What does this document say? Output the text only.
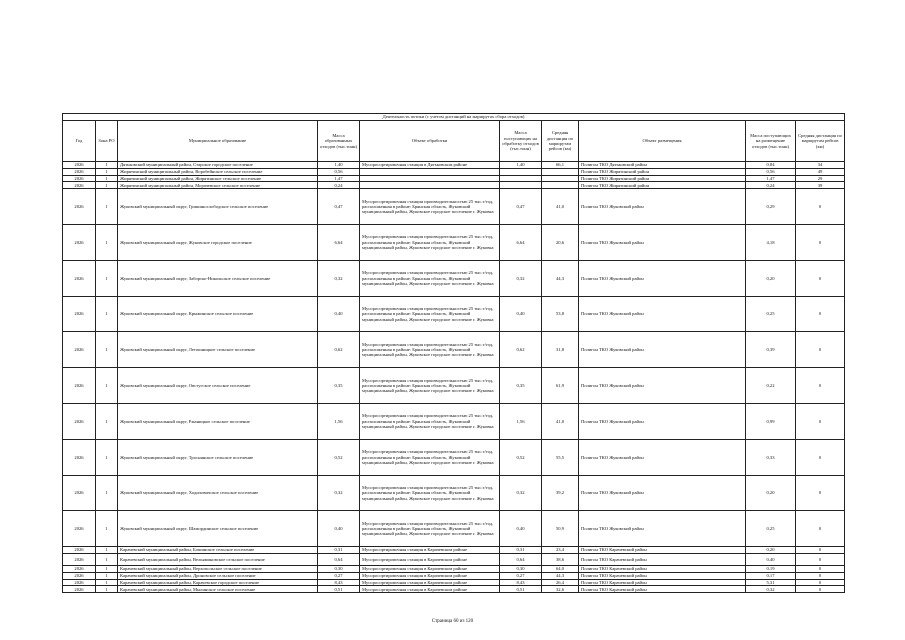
Деятельность потоки (с учетом дистанций на маршрутах сбора отходов)									
Год	Зона РО	Муниципальное образование	Масса образованных отходов (тыс.тонн)	Объект обработки	Масса поступающих на обработку отходов (тыс.тонн)	Средняя дистанция по маршрутам рейсов (км)	Объект размещения	Масса поступающих на размещение отходов (тыс.тонн)	Средняя дистанция по маршрутам рейсов (км)
2026	1	Дятьковский муниципальный район, Старское городское поселение	1,40	Мусоросортировочная станция в Дятьковском районе	1,40	66,1	Полигон ТКО Дятьковский район	0,84	34
2026	1	Жирятинский муниципальный район, Воробейнское сельское поселение	0,56				Полигон ТКО Жирятинский район	0,56	49
2026	1	Жирятинский муниципальный район, Жирятинское сельское поселение	1,47				Полигон ТКО Жирятинский район	1,47	29
2026	1	Жирятинский муниципальный район, Морачевское сельское поселение	0,24				Полигон ТКО Жирятинский район	0,24	39
2026	1	Жуковский муниципальный округ, Гришинослободское сельское поселение	0,47	Мусоросортировочная станция производительностью 25 тыс.т/год, расположенная в районе: Брянская область, Жуковский муниципальный район, Жуковское городское поселение г. Жуковка	0,47	41,0	Полигон ТКО Жуковский район	0,29	0
2026	1	Жуковский муниципальный округ, Жуковское городское поселение	6,64	Мусоросортировочная станция производительностью 25 тыс.т/год, расположенная в районе: Брянская область, Жуковский муниципальный район, Жуковское городское поселение г. Жуковка	6,64	20,6	Полигон ТКО Жуковский район	4,18	0
2026	1	Жуковский муниципальный округ, Заборско-Никольское сельское поселение	0,32	Мусоросортировочная станция производительностью 25 тыс.т/год, расположенная в районе: Брянская область, Жуковский муниципальный район, Жуковское городское поселение г. Жуковка	0,32	44,3	Полигон ТКО Жуковский район	0,20	0
2026	1	Жуковский муниципальный округ, Крыжинское сельское поселение	0,40	Мусоросортировочная станция производительностью 25 тыс.т/год, расположенная в районе: Брянская область, Жуковский муниципальный район, Жуковское городское поселение г. Жуковка	0,40	53,8	Полигон ТКО Жуковский район	0,25	0
2026	1	Жуковский муниципальный округ, Летошницкое сельское поселение	0,62	Мусоросортировочная станция производительностью 25 тыс.т/год, расположенная в районе: Брянская область, Жуковский муниципальный район, Жуковское городское поселение г. Жуковка	0,62	31,8	Полигон ТКО Жуковский район	0,39	0
2026	1	Жуковский муниципальный округ, Овстугское сельское поселение	0,35	Мусоросортировочная станция производительностью 25 тыс.т/год, расположенная в районе: Брянская область, Жуковский муниципальный район, Жуковское городское поселение г. Жуковка	0,35	61,9	Полигон ТКО Жуковский район	0,22	0
2026	1	Жуковский муниципальный округ, Ржаницкое сельское поселение	1,56	Мусоросортировочная станция производительностью 25 тыс.т/год, расположенная в районе: Брянская область, Жуковский муниципальный район, Жуковское городское поселение г. Жуковка	1,56	41,0	Полигон ТКО Жуковский район	0,99	0
2026	1	Жуковский муниципальный округ, Троснянское сельское поселение	0,52	Мусоросортировочная станция производительностью 25 тыс.т/год, расположенная в районе: Брянская область, Жуковский муниципальный район, Жуковское городское поселение г. Жуковка	0,52	55,5	Полигон ТКО Жуковский район	0,33	0
2026	1	Жуковский муниципальный округ, Ходиловичское сельское поселение	0,32	Мусоросортировочная станция производительностью 25 тыс.т/год, расположенная в районе: Брянская область, Жуковский муниципальный район, Жуковское городское поселение г. Жуковка	0,32	39,2	Полигон ТКО Жуковский район	0,20	0
2026	1	Жуковский муниципальный округ, Шамординское сельское поселение	0,40	Мусоросортировочная станция производительностью 25 тыс.т/год, расположенная в районе: Брянская область, Жуковский муниципальный район, Жуковское городское поселение г. Жуковка	0,40	50,9	Полигон ТКО Жуковский район	0,25	0
2026	1	Карачевский муниципальный район, Бошинское сельское поселение	0,31	Мусоросортировочная станция в Карачевском районе	0,31	23,4	Полигон ТКО Карачевский район	0,20	0
2026	1	Карачевский муниципальный район, Вельяминовское сельское поселение	0,64	Мусоросортировочная станция в Карачевском районе	0,64	38,6	Полигон ТКО Карачевский район	0,40	0
2026	1	Карачевский муниципальный район, Верхопольское сельское поселение	0,30	Мусоросортировочная станция в Карачевском районе	0,30	64,0	Полигон ТКО Карачевский район	0,19	0
2026	1	Карачевский муниципальный район, Дроновское сельское поселение	0,27	Мусоросортировочная станция в Карачевском районе	0,27	44,3	Полигон ТКО Карачевский район	0,17	0
2026	1	Карачевский муниципальный район, Карачевское городское поселение	8,43	Мусоросортировочная станция в Карачевском районе	8,43	26,4	Полигон ТКО Карачевский район	5,31	0
2026	1	Карачевский муниципальный район, Мылинское сельское поселение	0,51	Мусоросортировочная станция в Карачевском районе	0,51	32,6	Полигон ТКО Карачевский район	0,32	0
Страница 60 из 120
